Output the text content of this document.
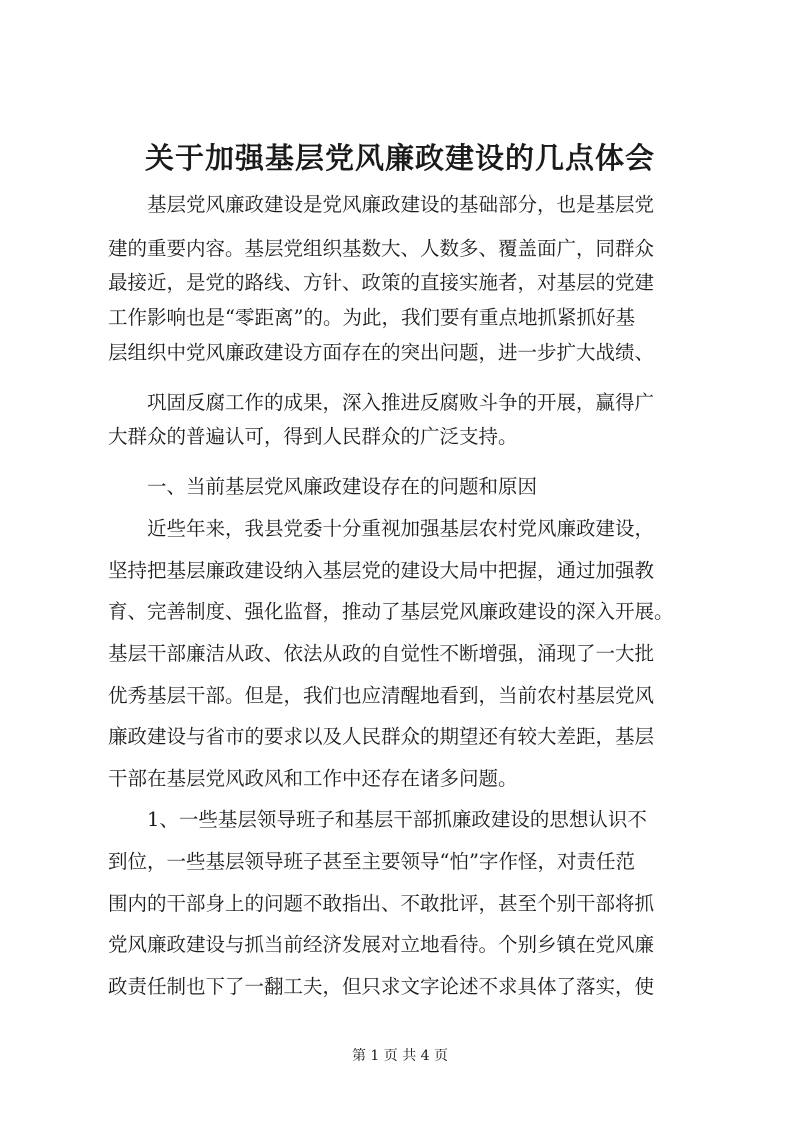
关于加强基层党风廉政建设的几点体会

基层党风廉政建设是党风廉政建设的基础部分，也是基层党

建的重要内容。基层党组织基数大、人数多、覆盖面广，同群众

最接近，是党的路线、方针、政策的直接实施者，对基层的党建

工作影响也是“零距离”的。为此，我们要有重点地抓紧抓好基

层组织中党风廉政建设方面存在的突出问题，进一步扩大战绩、

巩固反腐工作的成果，深入推进反腐败斗争的开展，赢得广

大群众的普遍认可，得到人民群众的广泛支持。

一、当前基层党风廉政建设存在的问题和原因

近些年来，我县党委十分重视加强基层农村党风廉政建设，

坚持把基层廉政建设纳入基层党的建设大局中把握，通过加强教

育、完善制度、强化监督，推动了基层党风廉政建设的深入开展。

基层干部廉洁从政、依法从政的自觉性不断增强，涌现了一大批

优秀基层干部。但是，我们也应清醒地看到，当前农村基层党风

廉政建设与省市的要求以及人民群众的期望还有较大差距，基层

干部在基层党风政风和工作中还存在诸多问题。

1、一些基层领导班子和基层干部抓廉政建设的思想认识不

到位，一些基层领导班子甚至主要领导“怕”字作怪，对责任范

围内的干部身上的问题不敢指出、不敢批评，甚至个别干部将抓

党风廉政建设与抓当前经济发展对立地看待。个别乡镇在党风廉

政责任制也下了一翻工夫，但只求文字论述不求具体了落实，使

第 1 页 共 4 页
